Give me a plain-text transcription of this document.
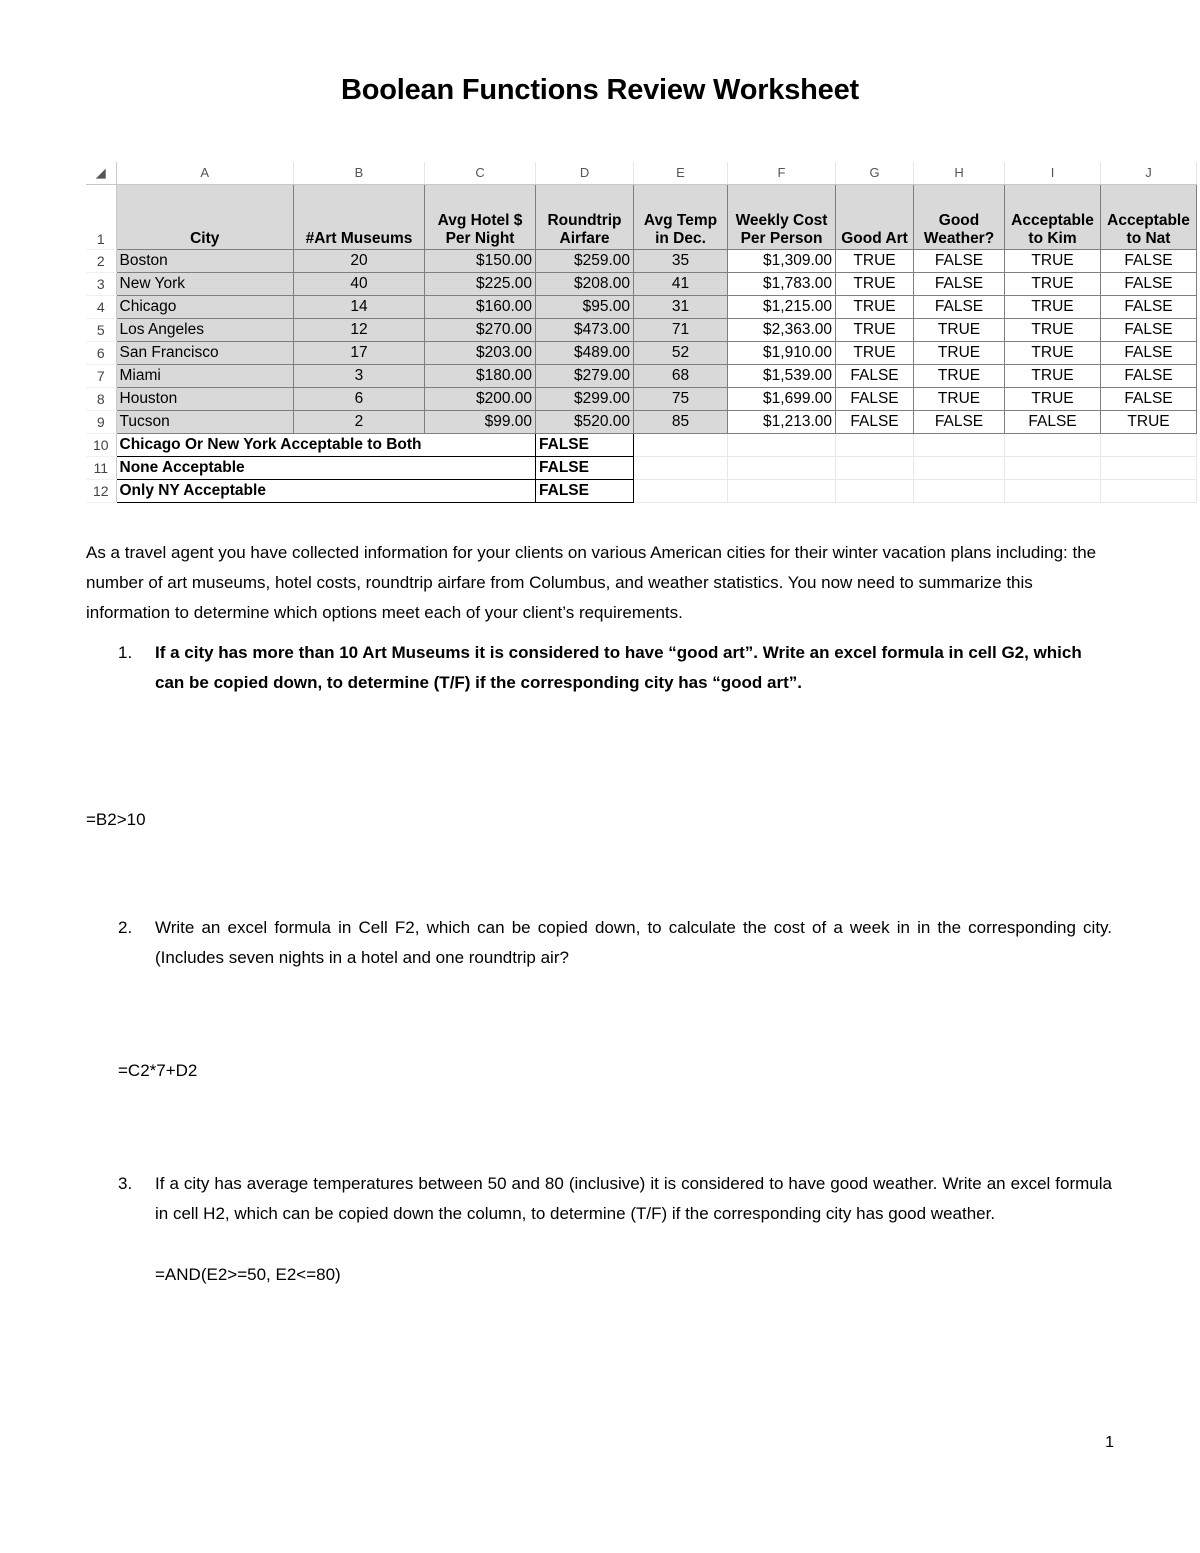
Boolean Functions Review Worksheet
◢	A	B	C	D	E	F	G	H	I	J
1	City	#Art Museums	Avg Hotel $ Per Night	Roundtrip Airfare	Avg Temp in Dec.	Weekly Cost Per Person	Good Art	Good Weather?	Acceptable to Kim	Acceptable to Nat
2	Boston	20	$150.00	$259.00	35	$1,309.00	TRUE	FALSE	TRUE	FALSE
3	New York	40	$225.00	$208.00	41	$1,783.00	TRUE	FALSE	TRUE	FALSE
4	Chicago	14	$160.00	$95.00	31	$1,215.00	TRUE	FALSE	TRUE	FALSE
5	Los Angeles	12	$270.00	$473.00	71	$2,363.00	TRUE	TRUE	TRUE	FALSE
6	San Francisco	17	$203.00	$489.00	52	$1,910.00	TRUE	TRUE	TRUE	FALSE
7	Miami	3	$180.00	$279.00	68	$1,539.00	FALSE	TRUE	TRUE	FALSE
8	Houston	6	$200.00	$299.00	75	$1,699.00	FALSE	TRUE	TRUE	FALSE
9	Tucson	2	$99.00	$520.00	85	$1,213.00	FALSE	FALSE	FALSE	TRUE
10	Chicago Or New York Acceptable to Both			FALSE						
11	None Acceptable			FALSE						
12	Only NY Acceptable			FALSE						
As a travel agent you have collected information for your clients on various American cities for their winter vacation plans including: the number of art museums, hotel costs, roundtrip airfare from Columbus, and weather statistics. You now need to summarize this information to determine which options meet each of your client’s requirements.
1. If a city has more than 10 Art Museums it is considered to have “good art”. Write an excel formula in cell G2, which can be copied down, to determine (T/F) if the corresponding city has “good art”.
=B2>10
2. Write an excel formula in Cell F2, which can be copied down, to calculate the cost of a week in in the corresponding city. (Includes seven nights in a hotel and one roundtrip air?
=C2*7+D2
3. If a city has average temperatures between 50 and 80 (inclusive) it is considered to have good weather. Write an excel formula in cell H2, which can be copied down the column, to determine (T/F) if the corresponding city has good weather.
=AND(E2>=50, E2<=80)
1
